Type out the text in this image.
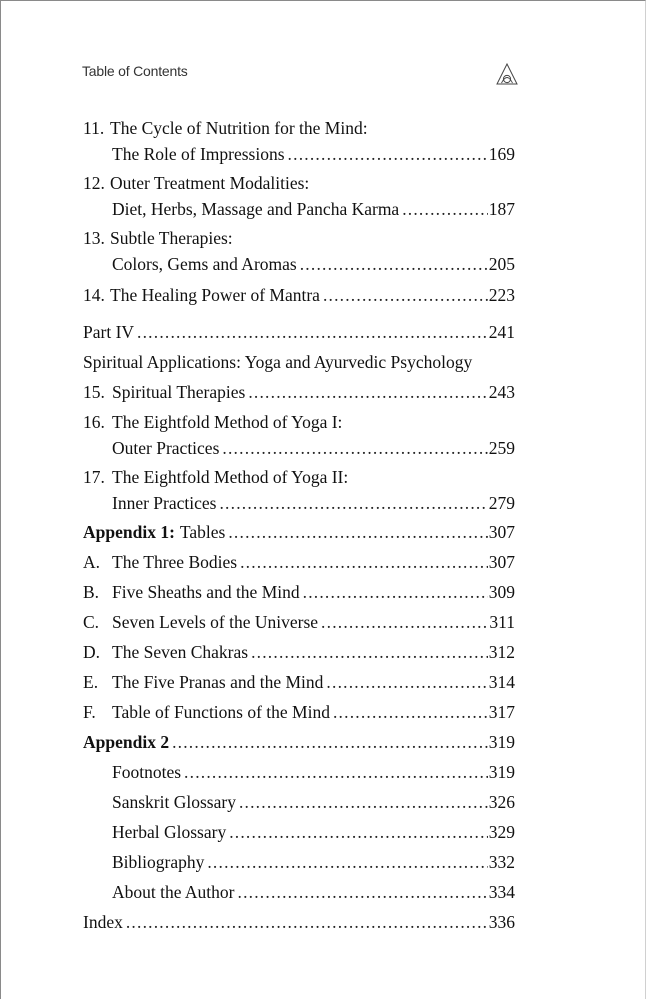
Table of Contents
11. The Cycle of Nutrition for the Mind:
The Role of Impressions .....	169
12. Outer Treatment Modalities:
Diet, Herbs, Massage and Pancha Karma .....	187
13. Subtle Therapies:
Colors, Gems and Aromas .....	205
14. The Healing Power of Mantra .....	223
Part IV .....	241
Spiritual Applications: Yoga and Ayurvedic Psychology
15. Spiritual Therapies .....	243
16. The Eightfold Method of Yoga I:
Outer Practices .....	259
17. The Eightfold Method of Yoga II:
Inner Practices .....	279
Appendix 1: Tables .....	307
A. The Three Bodies .....	307
B. Five Sheaths and the Mind .....	309
C. Seven Levels of the Universe .....	311
D. The Seven Chakras .....	312
E. The Five Pranas and the Mind .....	314
F. Table of Functions of the Mind .....	317
Appendix 2 .....	319
Footnotes .....	319
Sanskrit Glossary .....	326
Herbal Glossary .....	329
Bibliography .....	332
About the Author .....	334
Index .....	336
